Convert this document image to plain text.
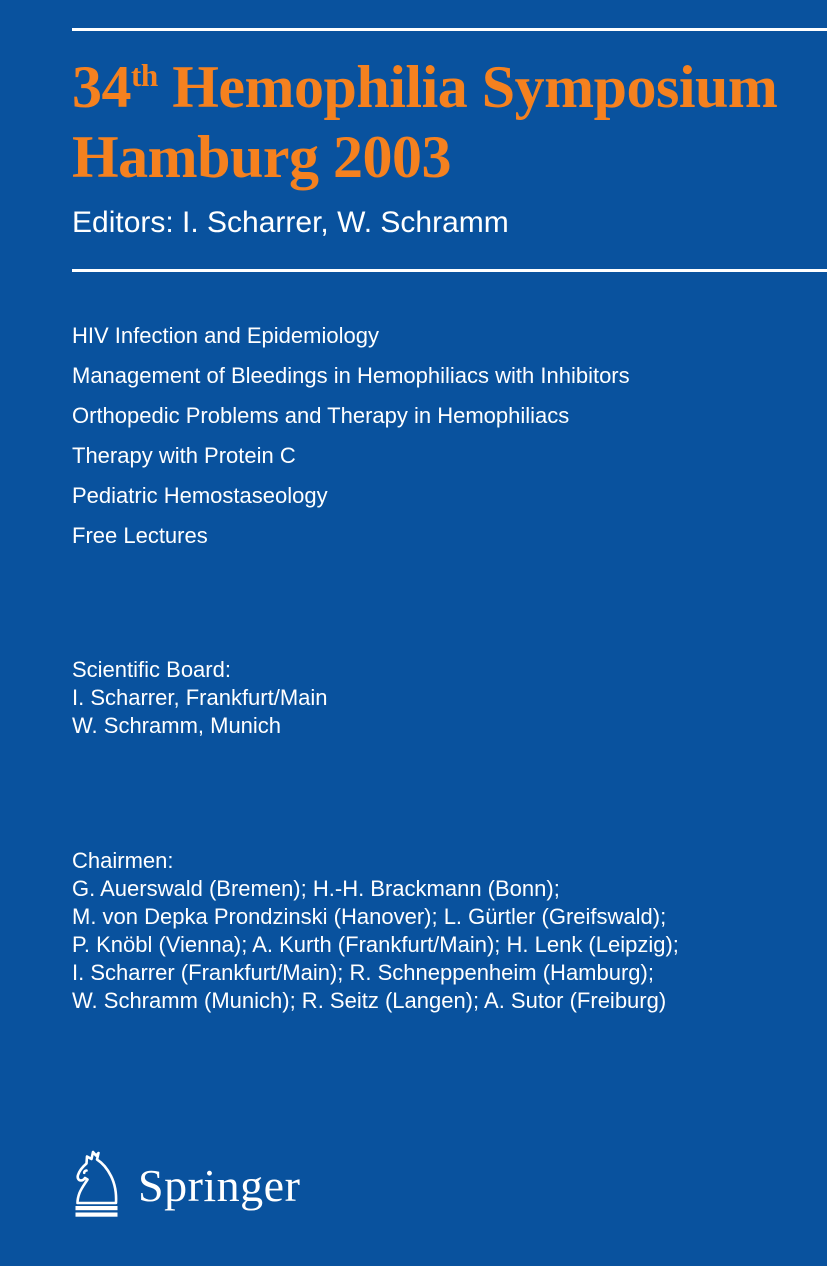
34th Hemophilia Symposium
Hamburg 2003
Editors: I. Scharrer, W. Schramm
HIV Infection and Epidemiology
Management of Bleedings in Hemophiliacs with Inhibitors
Orthopedic Problems and Therapy in Hemophiliacs
Therapy with Protein C
Pediatric Hemostaseology
Free Lectures
Scientific Board:
I. Scharrer, Frankfurt/Main
W. Schramm, Munich
Chairmen:
G. Auerswald (Bremen); H.-H. Brackmann (Bonn);
M. von Depka Prondzinski (Hanover); L. Gürtler (Greifswald);
P. Knöbl (Vienna); A. Kurth (Frankfurt/Main); H. Lenk (Leipzig);
I. Scharrer (Frankfurt/Main); R. Schneppenheim (Hamburg);
W. Schramm (Munich); R. Seitz (Langen); A. Sutor (Freiburg)
Springer
